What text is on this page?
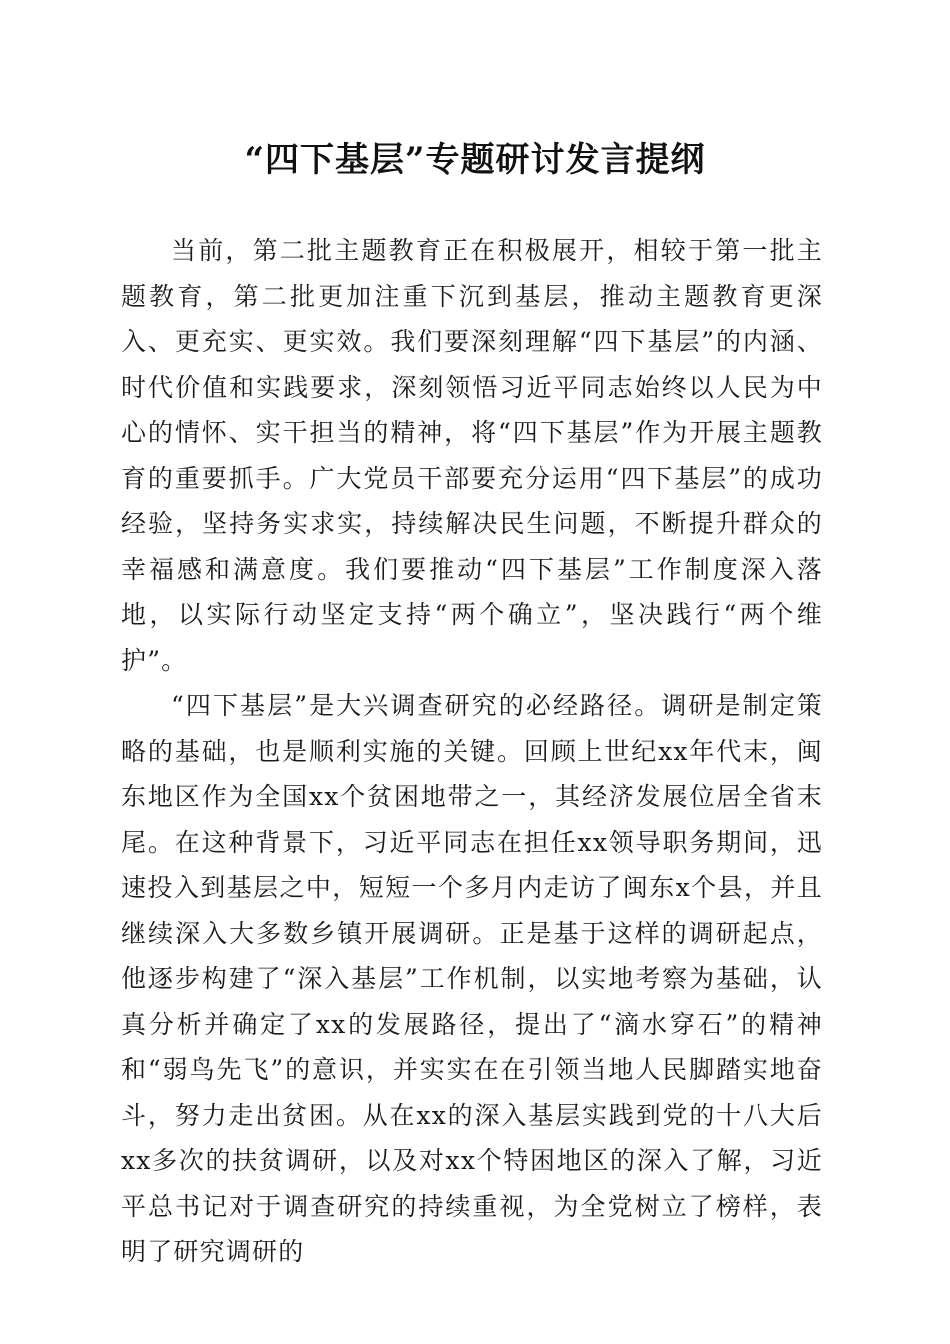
“四下基层”专题研讨发言提纲

当前，第二批主题教育正在积极展开，相较于第一批主题教育，第二批更加注重下沉到基层，推动主题教育更深入、更充实、更实效。我们要深刻理解“四下基层”的内涵、时代价值和实践要求，深刻领悟习近平同志始终以人民为中心的情怀、实干担当的精神，将“四下基层”作为开展主题教育的重要抓手。广大党员干部要充分运用“四下基层”的成功经验，坚持务实求实，持续解决民生问题，不断提升群众的幸福感和满意度。我们要推动“四下基层”工作制度深入落地，以实际行动坚定支持“两个确立”，坚决践行“两个维护”。

“四下基层”是大兴调查研究的必经路径。调研是制定策略的基础，也是顺利实施的关键。回顾上世纪xx年代末，闽东地区作为全国xx个贫困地带之一，其经济发展位居全省末尾。在这种背景下，习近平同志在担任xx领导职务期间，迅速投入到基层之中，短短一个多月内走访了闽东x个县，并且继续深入大多数乡镇开展调研。正是基于这样的调研起点，他逐步构建了“深入基层”工作机制，以实地考察为基础，认真分析并确定了xx的发展路径，提出了“滴水穿石”的精神和“弱鸟先飞”的意识，并实实在在引领当地人民脚踏实地奋斗，努力走出贫困。从在xx的深入基层实践到党的十八大后xx多次的扶贫调研，以及对xx个特困地区的深入了解，习近平总书记对于调查研究的持续重视，为全党树立了榜样，表明了研究调研的
